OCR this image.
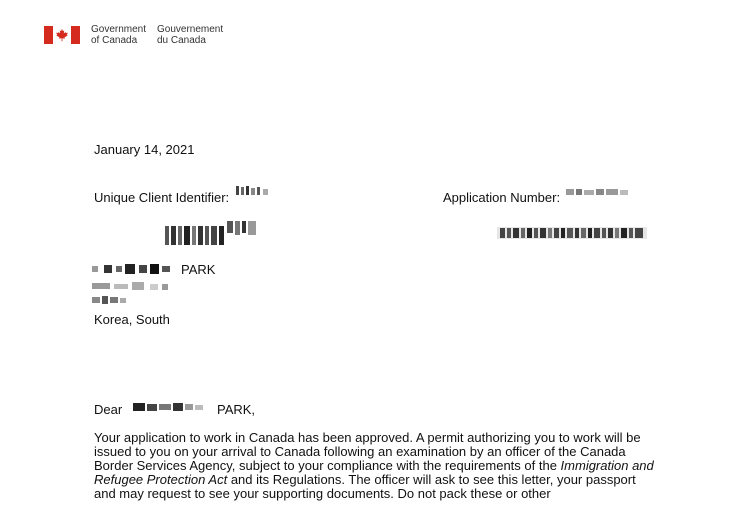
Government
of Canada
Gouvernement
du Canada
January 14, 2021
Unique Client Identifier:	Application Number:
PARK
Korea, South
Dear	PARK,
Your application to work in Canada has been approved. A permit authorizing you to work will be issued to you on your arrival to Canada following an examination by an officer of the Canada Border Services Agency, subject to your compliance with the requirements of the Immigration and Refugee Protection Act and its Regulations. The officer will ask to see this letter, your passport and may request to see your supporting documents. Do not pack these or other
